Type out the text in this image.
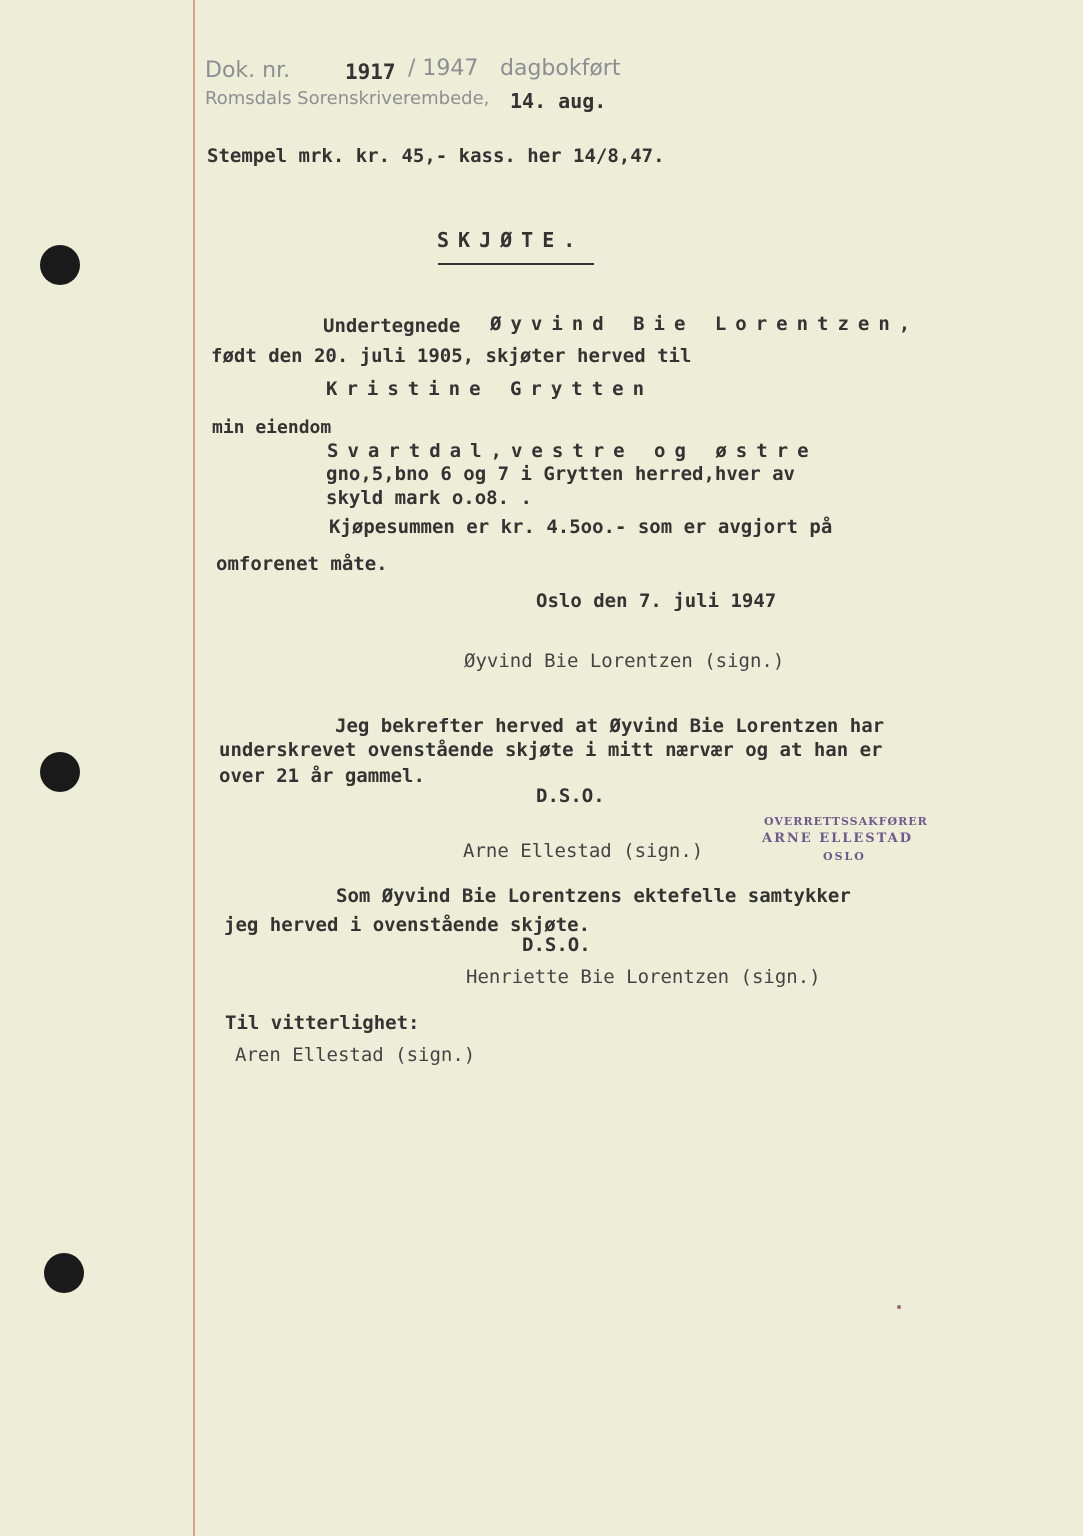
Dok. nr.	1917 / 1947 dagbokført
Romsdals Sorenskriverembede, 14. aug.
Stempel mrk. kr. 45,- kass. her 14/8,47.
SKJØTE.
Undertegnede Øyvind Bie Lorentzen,
født den 20. juli 1905, skjøter herved til
Kristine Grytten
min eiendom
Svartdal,vestre og østre
gno,5,bno 6 og 7 i Grytten herred,hver av
skyld mark o.o8. .
Kjøpesummen er kr. 4.5oo.- som er avgjort på
omforenet måte.
Oslo den 7. juli 1947
Øyvind Bie Lorentzen (sign.)
Jeg bekrefter herved at Øyvind Bie Lorentzen har
underskrevet ovenstående skjøte i mitt nærvær og at han er
over 21 år gammel.
D.S.O.
Arne Ellestad (sign.)
OVERRETTSSAKFØRER
ARNE ELLESTAD
OSLO
Som Øyvind Bie Lorentzens ektefelle samtykker
jeg herved i ovenstående skjøte.
D.S.O.
Henriette Bie Lorentzen (sign.)
Til vitterlighet:
Aren Ellestad (sign.)
